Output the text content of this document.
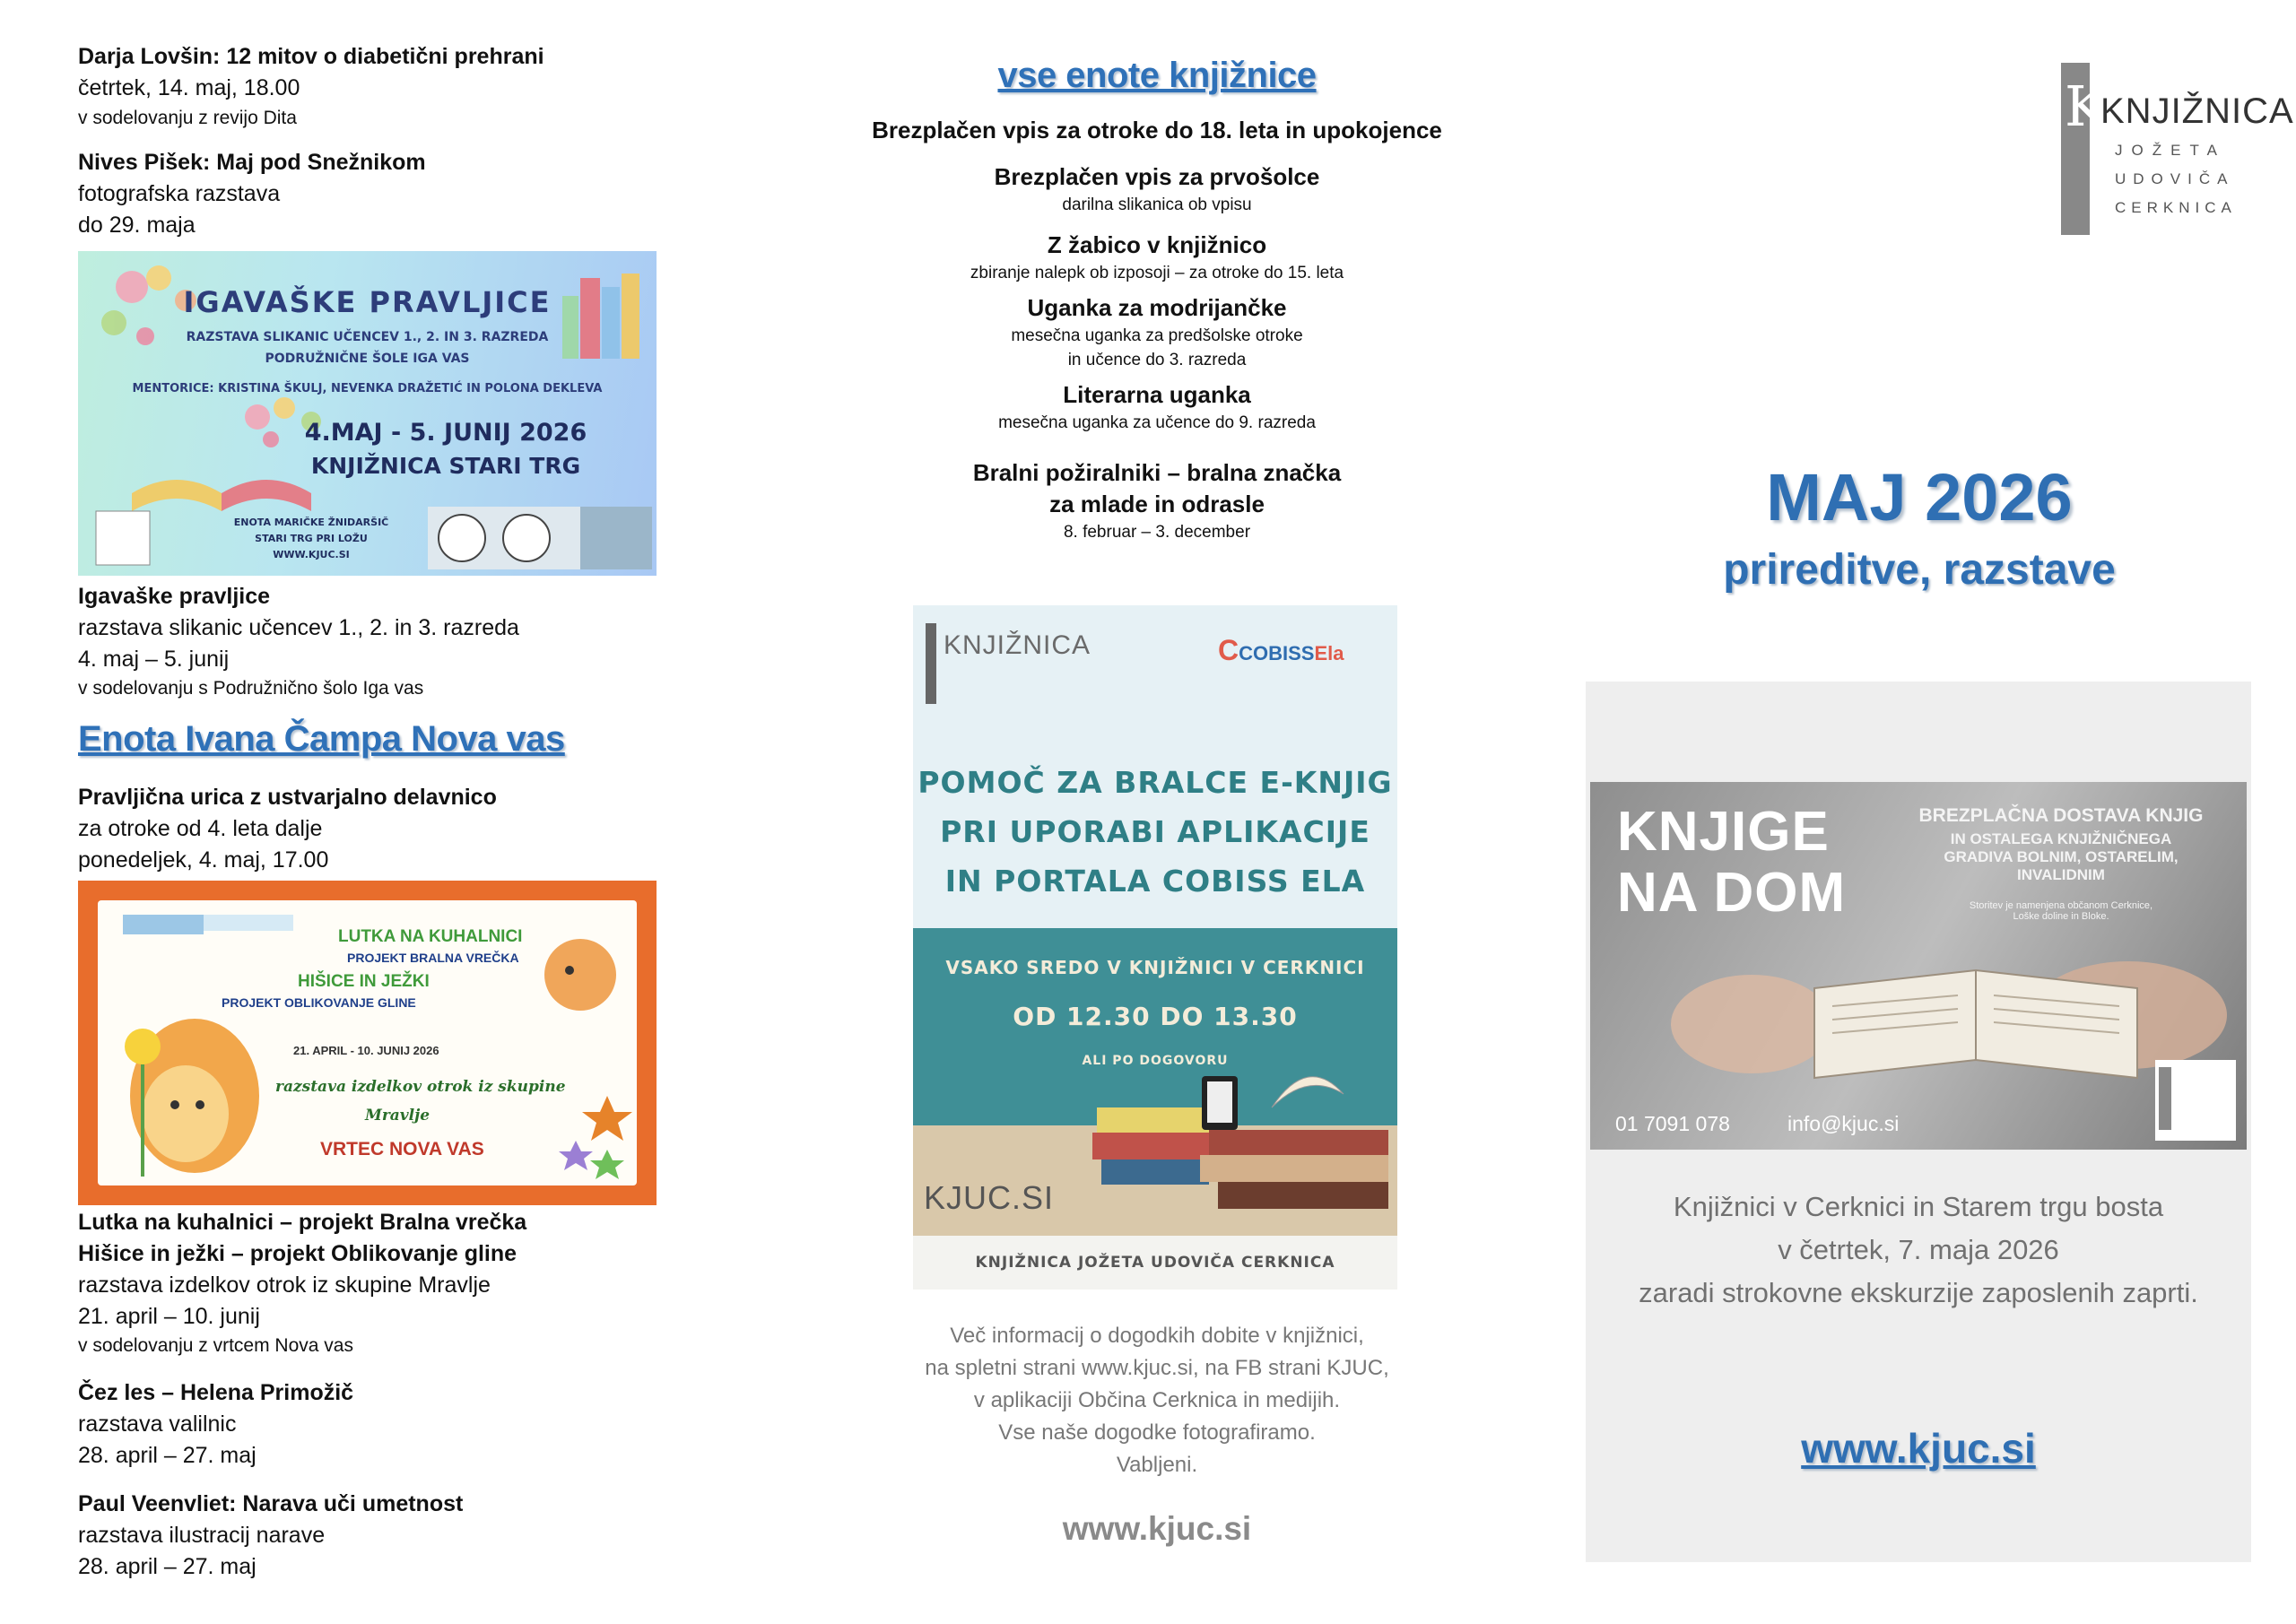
Darja Lovšin: 12 mitov o diabetični prehrani
četrtek, 14. maj, 18.00
v sodelovanju z revijo Dita
Nives Pišek: Maj pod Snežnikom
fotografska razstava
do 29. maja
IGAVAŠKE PRAVLJICE
RAZSTAVA SLIKANIC UČENCEV 1., 2. IN 3. RAZREDA
PODRUŽNIČNE ŠOLE IGA VAS
MENTORICE: KRISTINA ŠKULJ, NEVENKA DRAŽETIĆ IN POLONA DEKLEVA
4.MAJ - 5. JUNIJ 2026
KNJIŽNICA STARI TRG
ENOTA MARIČKE ŽNIDARŠIČ
STARI TRG PRI LOŽU
WWW.KJUC.SI
Igavaške pravljice
razstava slikanic učencev 1., 2. in 3. razreda
4. maj – 5. junij
v sodelovanju s Podružnično šolo Iga vas
Enota Ivana Čampa Nova vas
Pravljična urica z ustvarjalno delavnico
za otroke od 4. leta dalje
ponedeljek, 4. maj, 17.00
LUTKA NA KUHALNICI
PROJEKT BRALNA VREČKA
HIŠICE IN JEŽKI
PROJEKT OBLIKOVANJE GLINE
21. APRIL - 10. JUNIJ 2026
razstava izdelkov otrok iz skupine
Mravlje
VRTEC NOVA VAS
Lutka na kuhalnici – projekt Bralna vrečka
Hišice in ježki – projekt Oblikovanje gline
razstava izdelkov otrok iz skupine Mravlje
21. april – 10. junij
v sodelovanju z vrtcem Nova vas
Čez les – Helena Primožič
razstava valilnic
28. april – 27. maj
Paul Veenvliet: Narava uči umetnost
razstava ilustracij narave
28. april – 27. maj
vse enote knjižnice
Brezplačen vpis za otroke do 18. leta in upokojence
Brezplačen vpis za prvošolce
darilna slikanica ob vpisu
Z žabico v knjižnico
zbiranje nalepk ob izposoji – za otroke do 15. leta
Uganka za modrijančke
mesečna uganka za predšolske otroke
in učence do 3. razreda
Literarna uganka
mesečna uganka za učence do 9. razreda
Bralni požiralniki – bralna značka
za mlade in odrasle
8. februar – 3. december
KNJIŽNICA	CCOBISSEla
POMOČ ZA BRALCE E-KNJIG
PRI UPORABI APLIKACIJE
IN PORTALA COBISS ELA
VSAKO SREDO V KNJIŽNICI V CERKNICI
OD 12.30 DO 13.30
ALI PO DOGOVORU
KJUC.SI
KNJIŽNICA JOŽETA UDOVIČA CERKNICA
Več informacij o dogodkih dobite v knjižnici,
na spletni strani www.kjuc.si, na FB strani KJUC,
v aplikaciji Občina Cerknica in medijih.
Vse naše dogodke fotografiramo.
Vabljeni.
www.kjuc.si
K
KNJIŽNICA
JOŽETA
UDOVIČA
CERKNICA
MAJ 2026
prireditve, razstave
KNJIGE
NA DOM
BREZPLAČNA DOSTAVA KNJIG
IN OSTALEGA KNJIŽNIČNEGA
GRADIVA BOLNIM, OSTARELIM,
INVALIDNIM
Storitev je namenjena občanom Cerknice,
Loške doline in Bloke.
01 7091 078	info@kjuc.si
Knjižnici v Cerknici in Starem trgu bosta
v četrtek, 7. maja 2026
zaradi strokovne ekskurzije zaposlenih zaprti.
www.kjuc.si
